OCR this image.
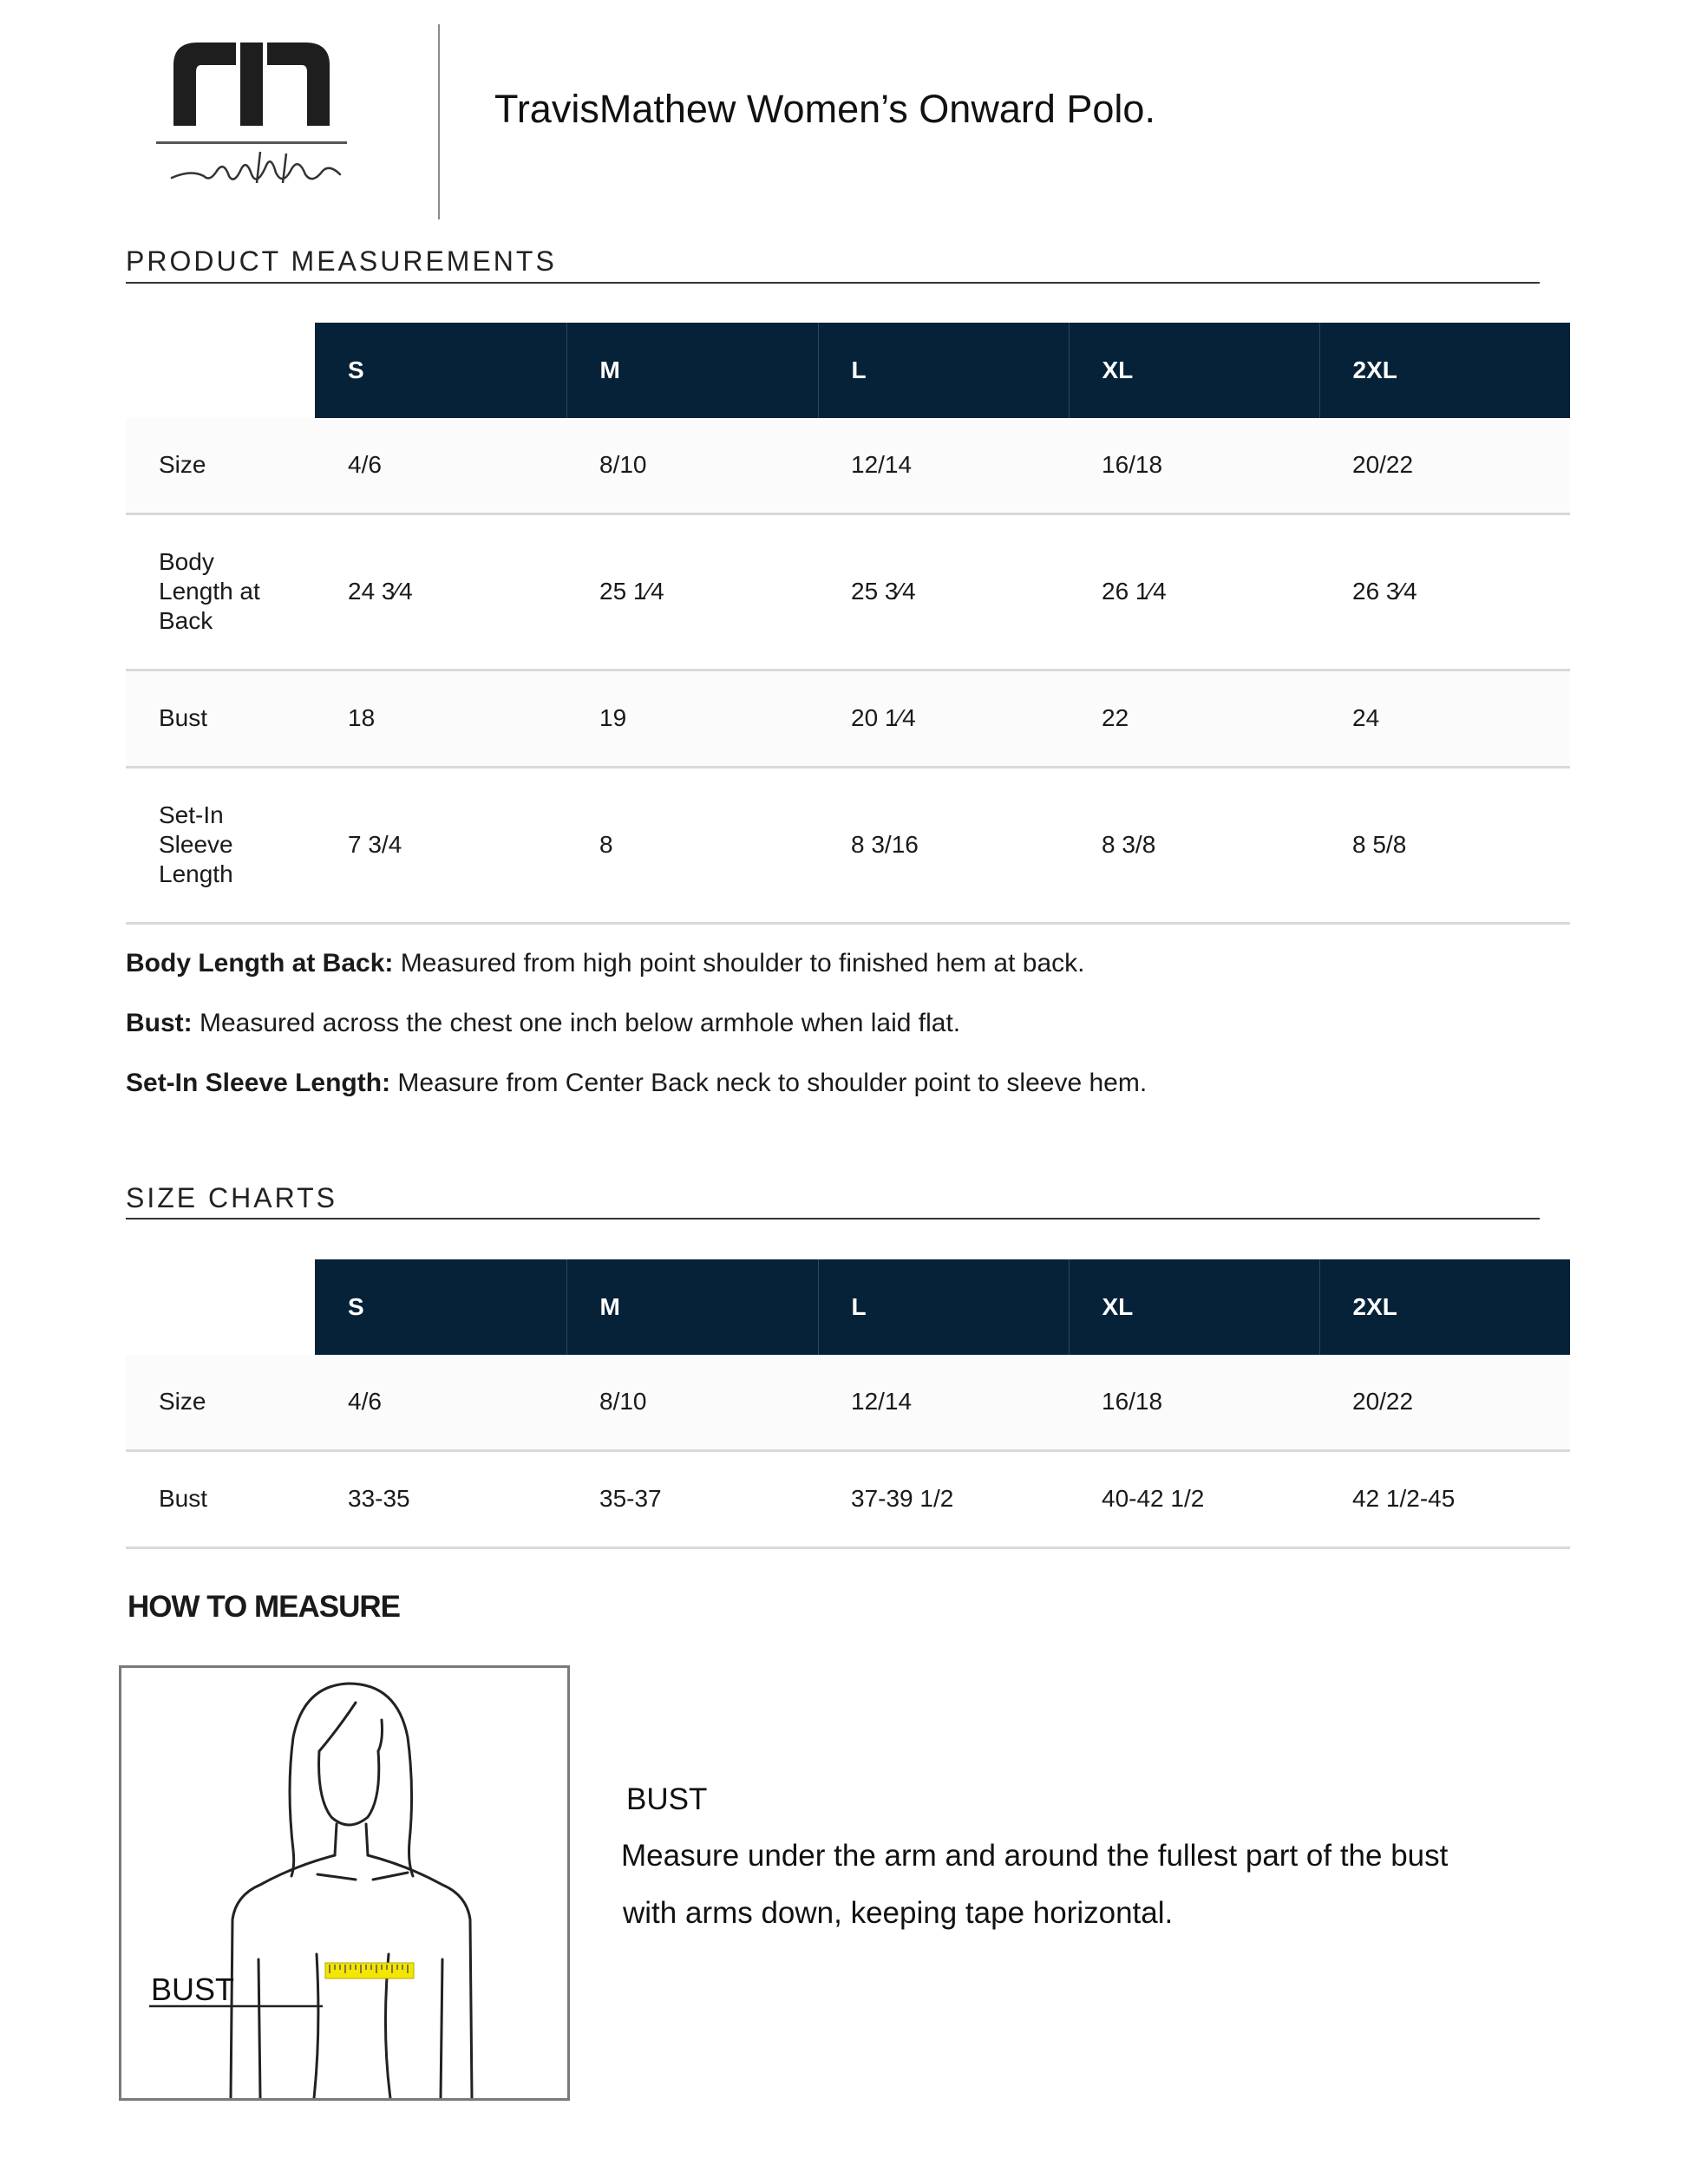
TravisMathew Women’s Onward Polo.
PRODUCT MEASUREMENTS
	S	M	L	XL	2XL
Size	4/6	8/10	12/14	16/18	20/22
Body
Length at
Back	24 3⁄4	25 1⁄4	25 3⁄4	26 1⁄4	26 3⁄4
Bust	18	19	20 1⁄4	22	24
Set-In
Sleeve
Length	7 3/4	8	8 3/16	8 3/8	8 5/8
Body Length at Back: Measured from high point shoulder to finished hem at back.
Bust: Measured across the chest one inch below armhole when laid flat.
Set-In Sleeve Length: Measure from Center Back neck to shoulder point to sleeve hem.
SIZE CHARTS
	S	M	L	XL	2XL
Size	4/6	8/10	12/14	16/18	20/22
Bust	33-35	35-37	37-39 1/2	40-42 1/2	42 1/2-45
HOW TO MEASURE
BUST
BUST
Measure under the arm and around the fullest part of the bust
with arms down, keeping tape horizontal.
